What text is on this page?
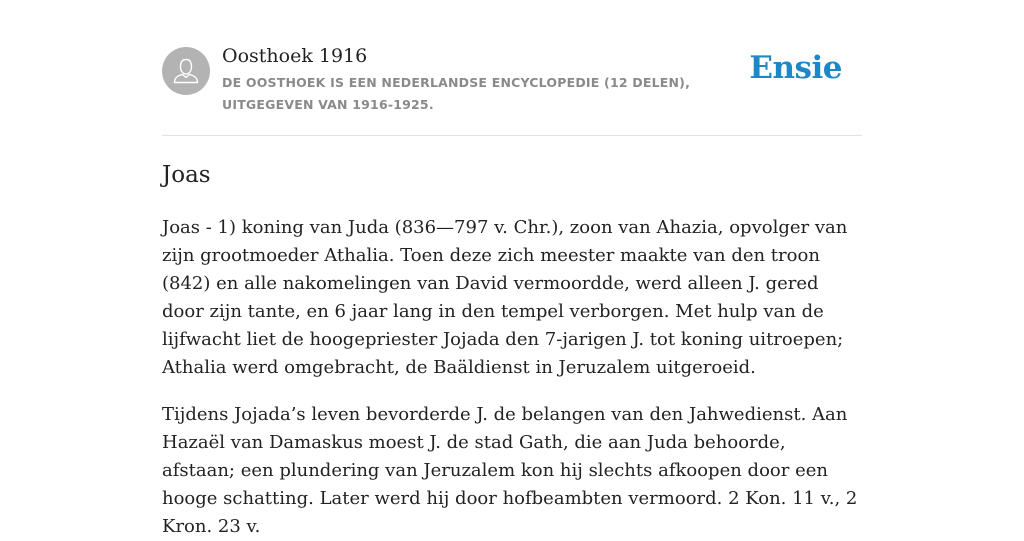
Oosthoek 1916
DE OOSTHOEK IS EEN NEDERLANDSE ENCYCLOPEDIE (12 DELEN), UITGEGEVEN VAN 1916-1925.
Ensie
Joas

Joas - 1) koning van Juda (836—797 v. Chr.), zoon van Ahazia, opvolger van zijn grootmoeder Athalia. Toen deze zich meester maakte van den troon (842) en alle nakomelingen van David vermoordde, werd alleen J. gered door zijn tante, en 6 jaar lang in den tempel verborgen. Met hulp van de lijfwacht liet de hoogepriester Jojada den 7-jarigen J. tot koning uitroepen; Athalia werd omgebracht, de Baäldienst in Jeruzalem uitgeroeid.

Tijdens Jojada’s leven bevorderde J. de belangen van den Jahwedienst. Aan Hazaël van Damaskus moest J. de stad Gath, die aan Juda behoorde, afstaan; een plundering van Jeruzalem kon hij slechts afkoopen door een hooge schatting. Later werd hij door hofbeambten vermoord. 2 Kon. 11 v., 2 Kron. 23 v.
